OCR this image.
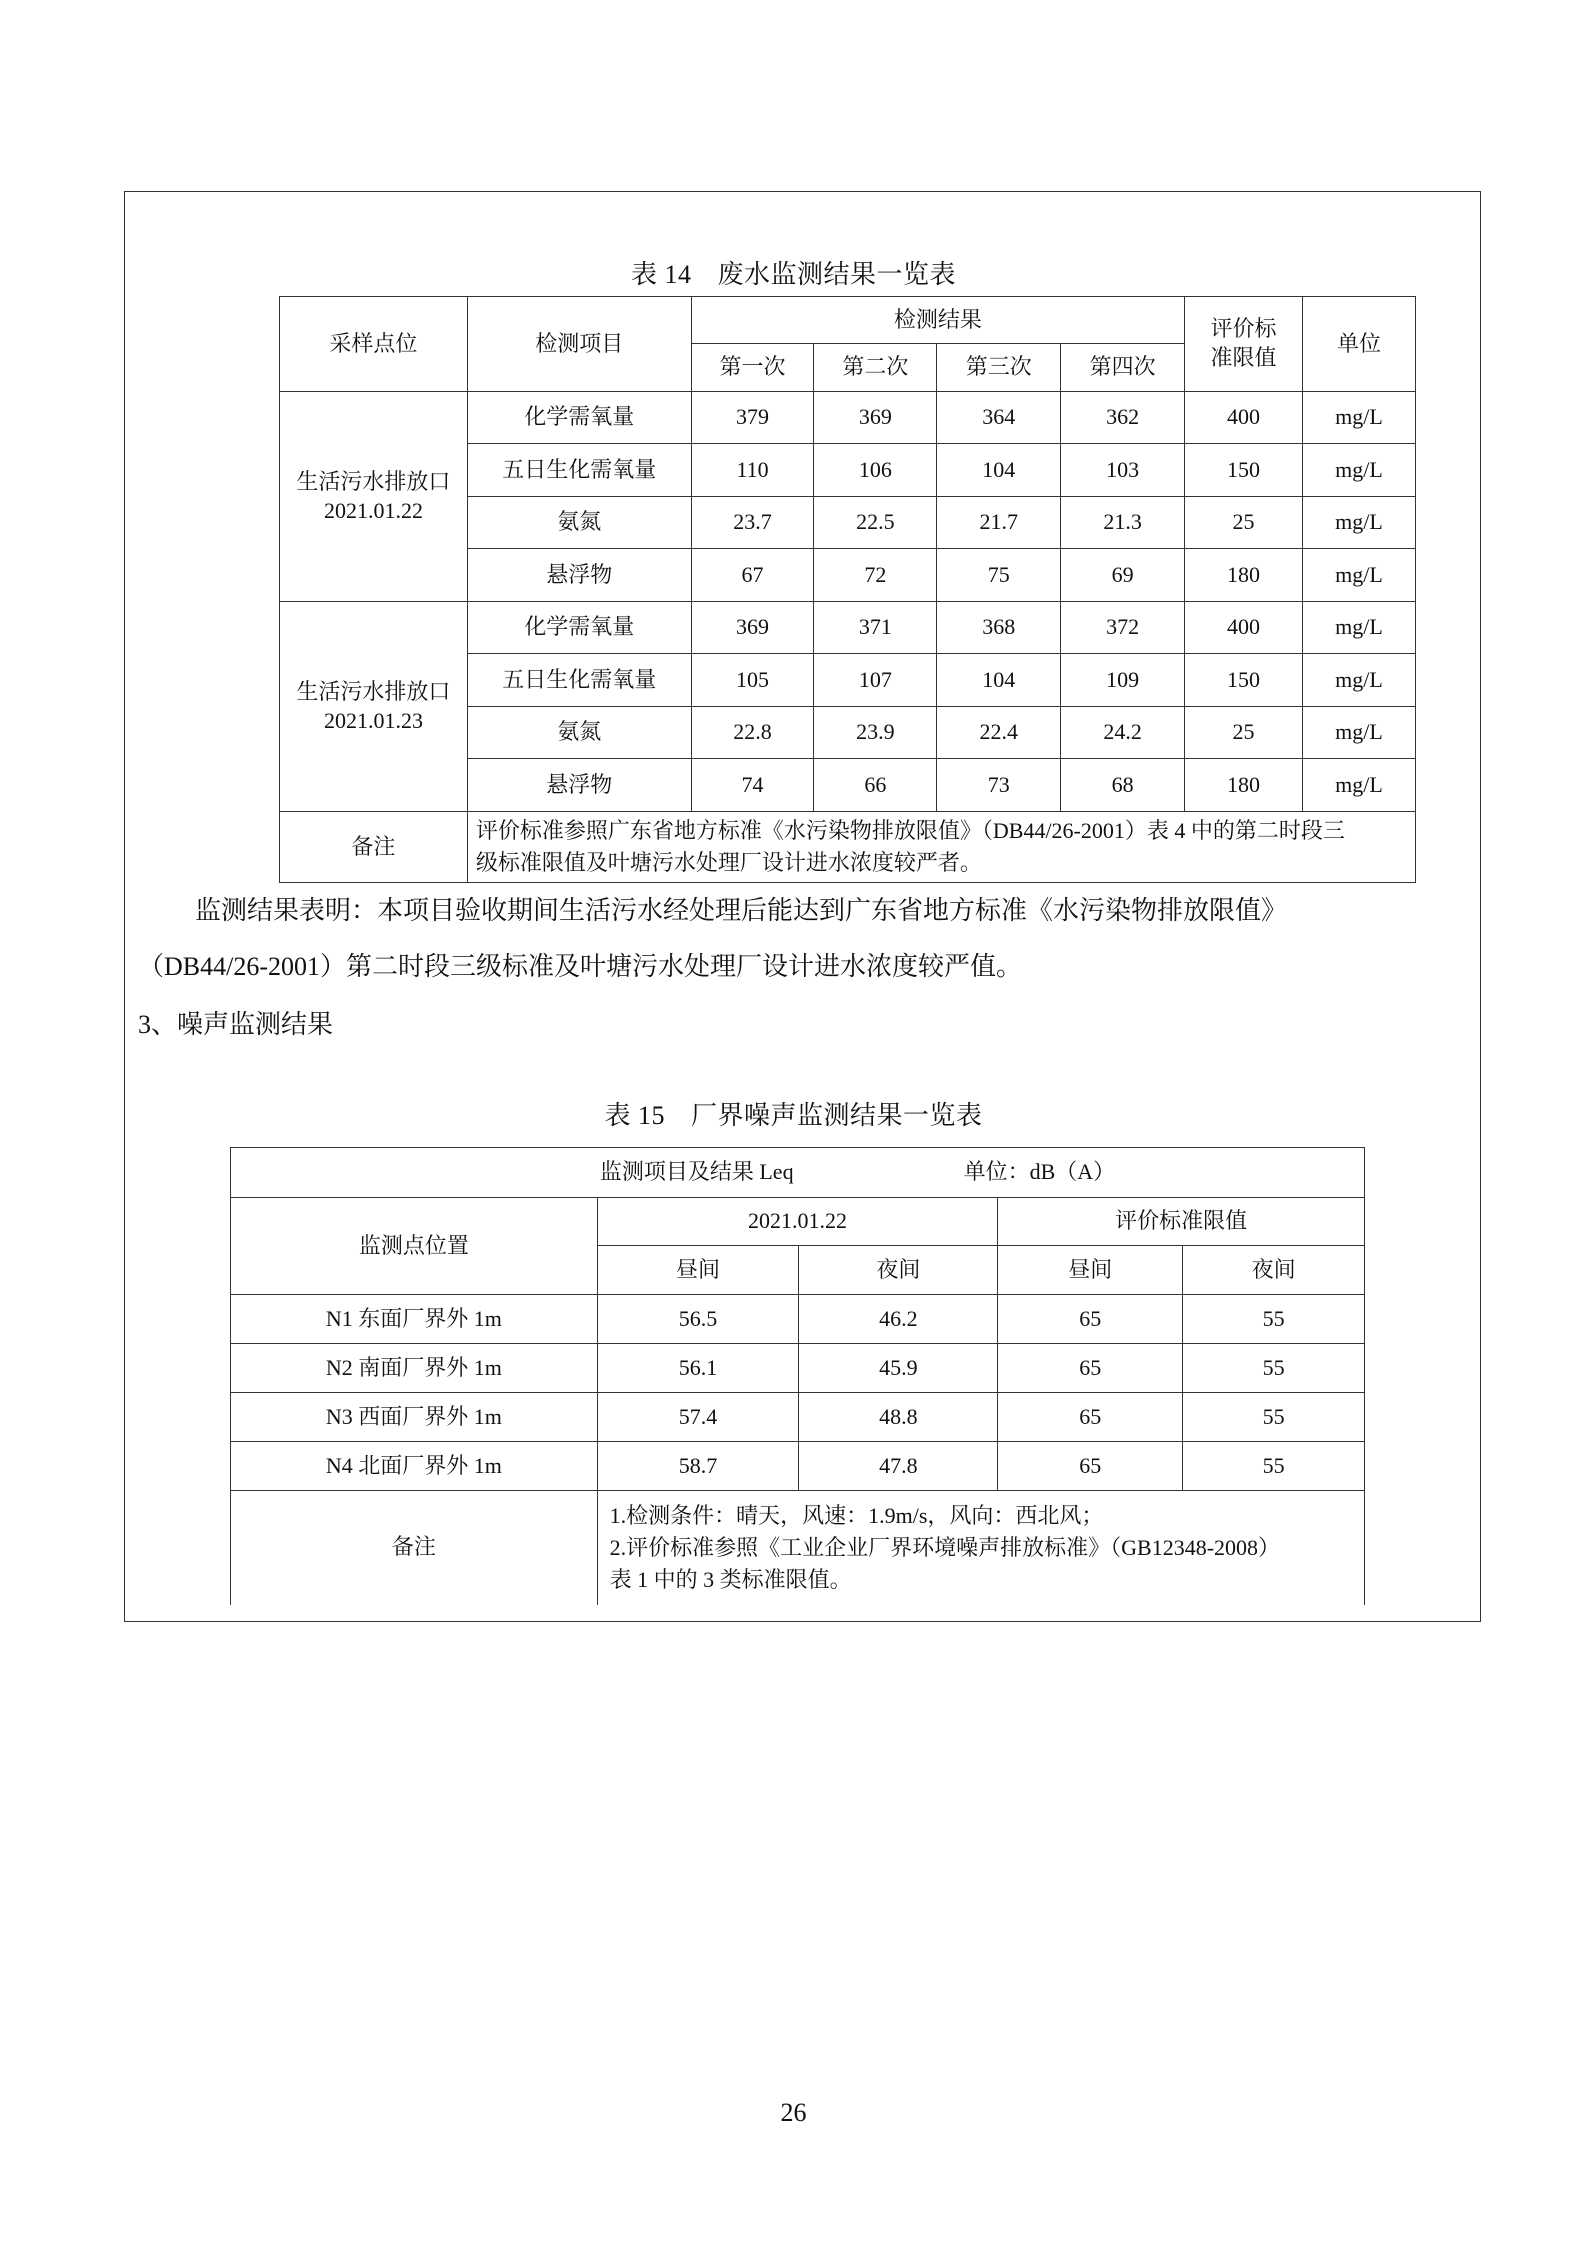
表 14 废水监测结果一览表
采样点位	检测项目	检测结果				评价标准限值	单位
		第一次	第二次	第三次	第四次		

生活污水排放口
2021.01.22	化学需氧量	379	369	364	362	400	mg/L
	五日生化需氧量	110	106	104	103	150	mg/L
	氨氮	23.7	22.5	21.7	21.3	25	mg/L
	悬浮物	67	72	75	69	180	mg/L

生活污水排放口
2021.01.23	化学需氧量	369	371	368	372	400	mg/L
	五日生化需氧量	105	107	104	109	150	mg/L
	氨氮	22.8	23.9	22.4	24.2	25	mg/L
	悬浮物	74	66	73	68	180	mg/L
备注	评价标准参照广东省地方标准《水污染物排放限值》（DB44/26-2001）表 4 中的第二时段三
级标准限值及叶塘污水处理厂设计进水浓度较严者。						
监测结果表明：本项目验收期间生活污水经处理后能达到广东省地方标准《水污染物排放限值》
（DB44/26-2001）第二时段三级标准及叶塘污水处理厂设计进水浓度较严值。
3、噪声监测结果
表 15 厂界噪声监测结果一览表
监测项目及结果 Leq 单位：dB（A）				
监测点位置	2021.01.22		评价标准限值	
	昼间	夜间	昼间	夜间
N1 东面厂界外 1m	56.5	46.2	65	55
N2 南面厂界外 1m	56.1	45.9	65	55
N3 西面厂界外 1m	57.4	48.8	65	55
N4 北面厂界外 1m	58.7	47.8	65	55
备注	1.检测条件：晴天，风速：1.9m/s，风向：西北风；
2.评价标准参照《工业企业厂界环境噪声排放标准》（GB12348-2008）
表 1 中的 3 类标准限值。			
26
